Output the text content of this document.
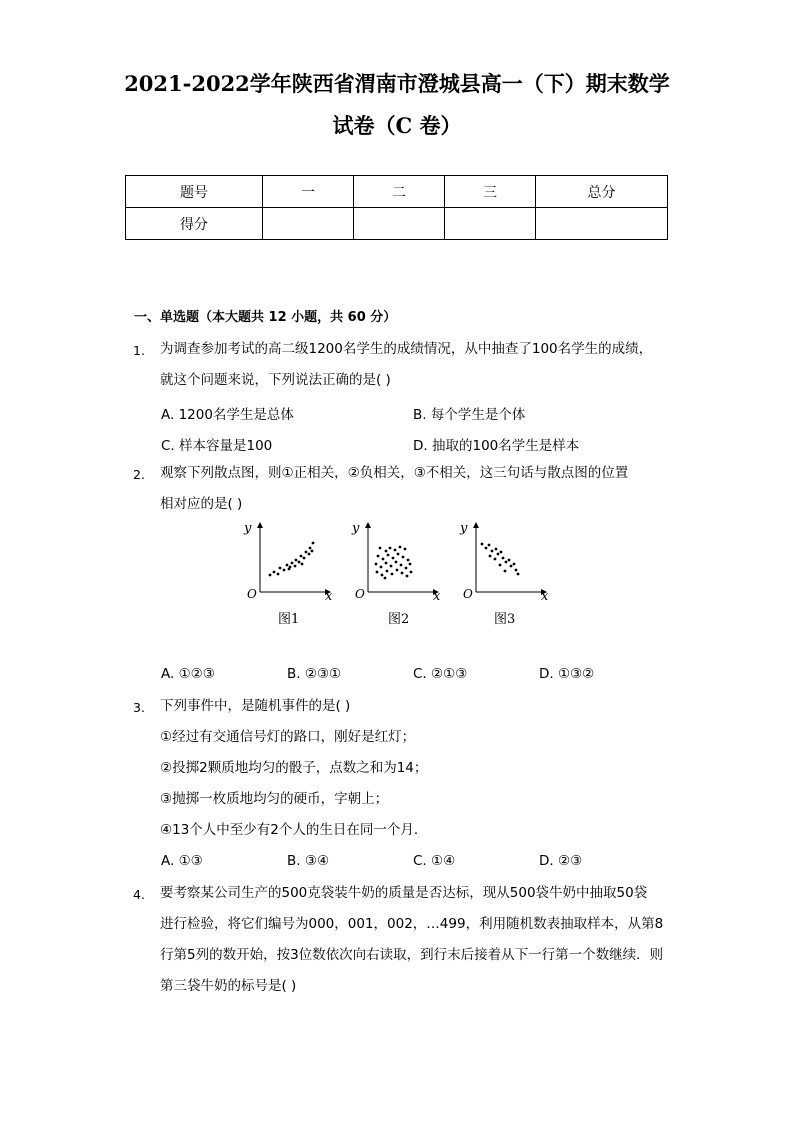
2021-2022学年陕西省渭南市澄城县高一（下）期末数学
试卷（C 卷）
题号	一	二	三	总分
得分				
一、单选题（本大题共 12 小题，共 60 分）
1. 为调查参加考试的高二级1200名学生的成绩情况，从中抽查了100名学生的成绩，
就这个问题来说，下列说法正确的是( )
A. 1200名学生是总体	B. 每个学生是个体
C. 样本容量是100	D. 抽取的100名学生是样本
2. 观察下列散点图，则①正相关，②负相关，③不相关，这三句话与散点图的位置
相对应的是( )
y
x
O
y
x
O
y
x
O
图1	图2	图3
A. ①②③	B. ②③①	C. ②①③	D. ①③②
3. 下列事件中，是随机事件的是( )
①经过有交通信号灯的路口，刚好是红灯；
②投掷2颗质地均匀的骰子，点数之和为14；
③抛掷一枚质地均匀的硬币，字朝上；
④13个人中至少有2个人的生日在同一个月.
A. ①③	B. ③④	C. ①④	D. ②③
4. 要考察某公司生产的500克袋装牛奶的质量是否达标，现从500袋牛奶中抽取50袋
进行检验，将它们编号为000，001，002，…499，利用随机数表抽取样本，从第8
行第5列的数开始，按3位数依次向右读取，到行末后接着从下一行第一个数继续．则
第三袋牛奶的标号是( )
